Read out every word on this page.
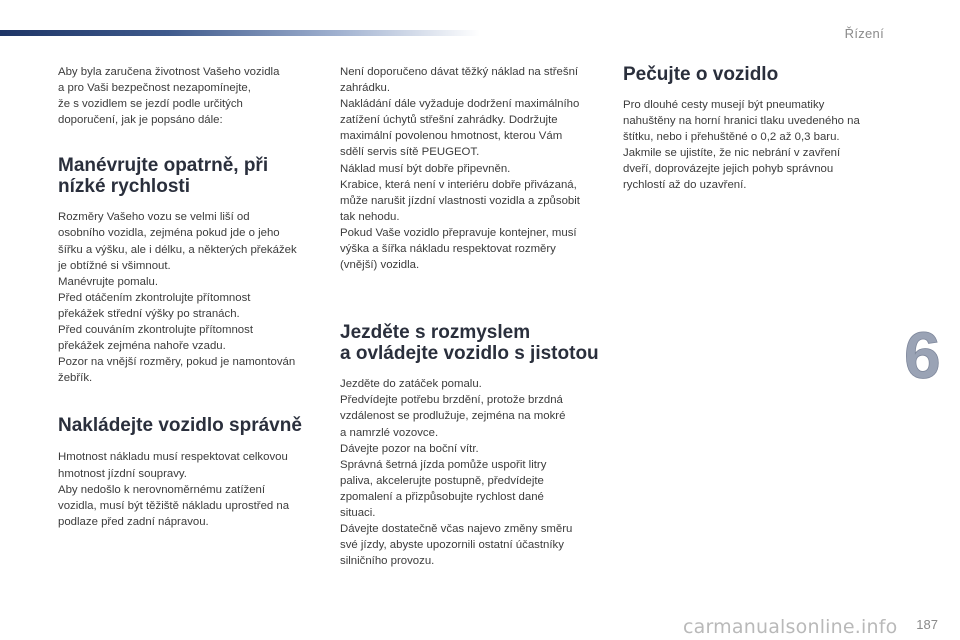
Řízení

Aby byla zaručena životnost Vašeho vozidla
a pro Vaši bezpečnost nezapomínejte,
že s vozidlem se jezdí podle určitých
doporučení, jak je popsáno dále:

Manévrujte opatrně, při
nízké rychlosti

Rozměry Vašeho vozu se velmi liší od
osobního vozidla, zejména pokud jde o jeho
šířku a výšku, ale i délku, a některých překážek
je obtížné si všimnout.
Manévrujte pomalu.
Před otáčením zkontrolujte přítomnost
překážek střední výšky po stranách.
Před couváním zkontrolujte přítomnost
překážek zejména nahoře vzadu.
Pozor na vnější rozměry, pokud je namontován
žebřík.

Nakládejte vozidlo správně

Hmotnost nákladu musí respektovat celkovou
hmotnost jízdní soupravy.
Aby nedošlo k nerovnoměrnému zatížení
vozidla, musí být těžiště nákladu uprostřed na
podlaze před zadní nápravou.

Není doporučeno dávat těžký náklad na střešní
zahrádku.
Nakládání dále vyžaduje dodržení maximálního
zatížení úchytů střešní zahrádky. Dodržujte
maximální povolenou hmotnost, kterou Vám
sdělí servis sítě PEUGEOT.
Náklad musí být dobře připevněn.
Krabice, která není v interiéru dobře přivázaná,
může narušit jízdní vlastnosti vozidla a způsobit
tak nehodu.
Pokud Vaše vozidlo přepravuje kontejner, musí
výška a šířka nákladu respektovat rozměry
(vnější) vozidla.

Jezděte s rozmyslem
a ovládejte vozidlo s jistotou

Jezděte do zatáček pomalu.
Předvídejte potřebu brzdění, protože brzdná
vzdálenost se prodlužuje, zejména na mokré
a namrzlé vozovce.
Dávejte pozor na boční vítr.
Správná šetrná jízda pomůže uspořit litry
paliva, akcelerujte postupně, předvídejte
zpomalení a přizpůsobujte rychlost dané
situaci.
Dávejte dostatečně včas najevo změny směru
své jízdy, abyste upozornili ostatní účastníky
silničního provozu.

Pečujte o vozidlo

Pro dlouhé cesty musejí být pneumatiky
nahuštěny na horní hranici tlaku uvedeného na
štítku, nebo i přehuštěné o 0,2 až 0,3 baru.
Jakmile se ujistíte, že nic nebrání v zavření
dveří, doprovázejte jejich pohyb správnou
rychlostí až do uzavření.

6
carmanualsonline.info 187
